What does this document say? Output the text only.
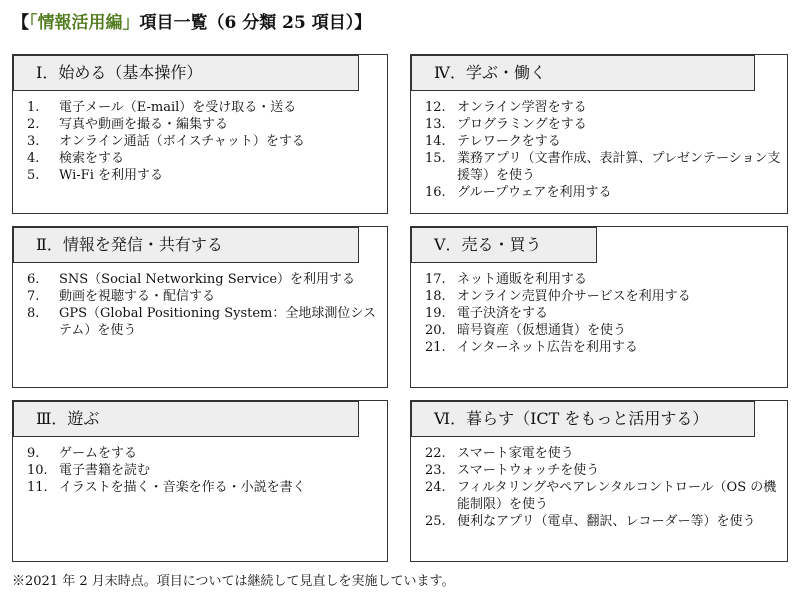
【「情報活用編」項目一覧（6 分類 25 項目）】
Ⅰ．始める（基本操作）
1. 電子メール（E-mail）を受け取る・送る
2. 写真や動画を撮る・編集する
3. オンライン通話（ボイスチャット）をする
4. 検索をする
5. Wi-Fi を利用する
Ⅱ．情報を発信・共有する
6. SNS（Social Networking Service）を利用する
7. 動画を視聴する・配信する
8. GPS（Global Positioning System：全地球測位システム）を使う
Ⅲ．遊ぶ
9. ゲームをする
10. 電子書籍を読む
11. イラストを描く・音楽を作る・小説を書く
Ⅳ．学ぶ・働く
12. オンライン学習をする
13. プログラミングをする
14. テレワークをする
15. 業務アプリ（文書作成、表計算、プレゼンテーション支援等）を使う
16. グループウェアを利用する
Ⅴ．売る・買う
17. ネット通販を利用する
18. オンライン売買仲介サービスを利用する
19. 電子決済をする
20. 暗号資産（仮想通貨）を使う
21. インターネット広告を利用する
Ⅵ．暮らす（ICT をもっと活用する）
22. スマート家電を使う
23. スマートウォッチを使う
24. フィルタリングやペアレンタルコントロール（OS の機能制限）を使う
25. 便利なアプリ（電卓、翻訳、レコーダー等）を使う
※2021 年 2 月末時点。項目については継続して見直しを実施しています。
